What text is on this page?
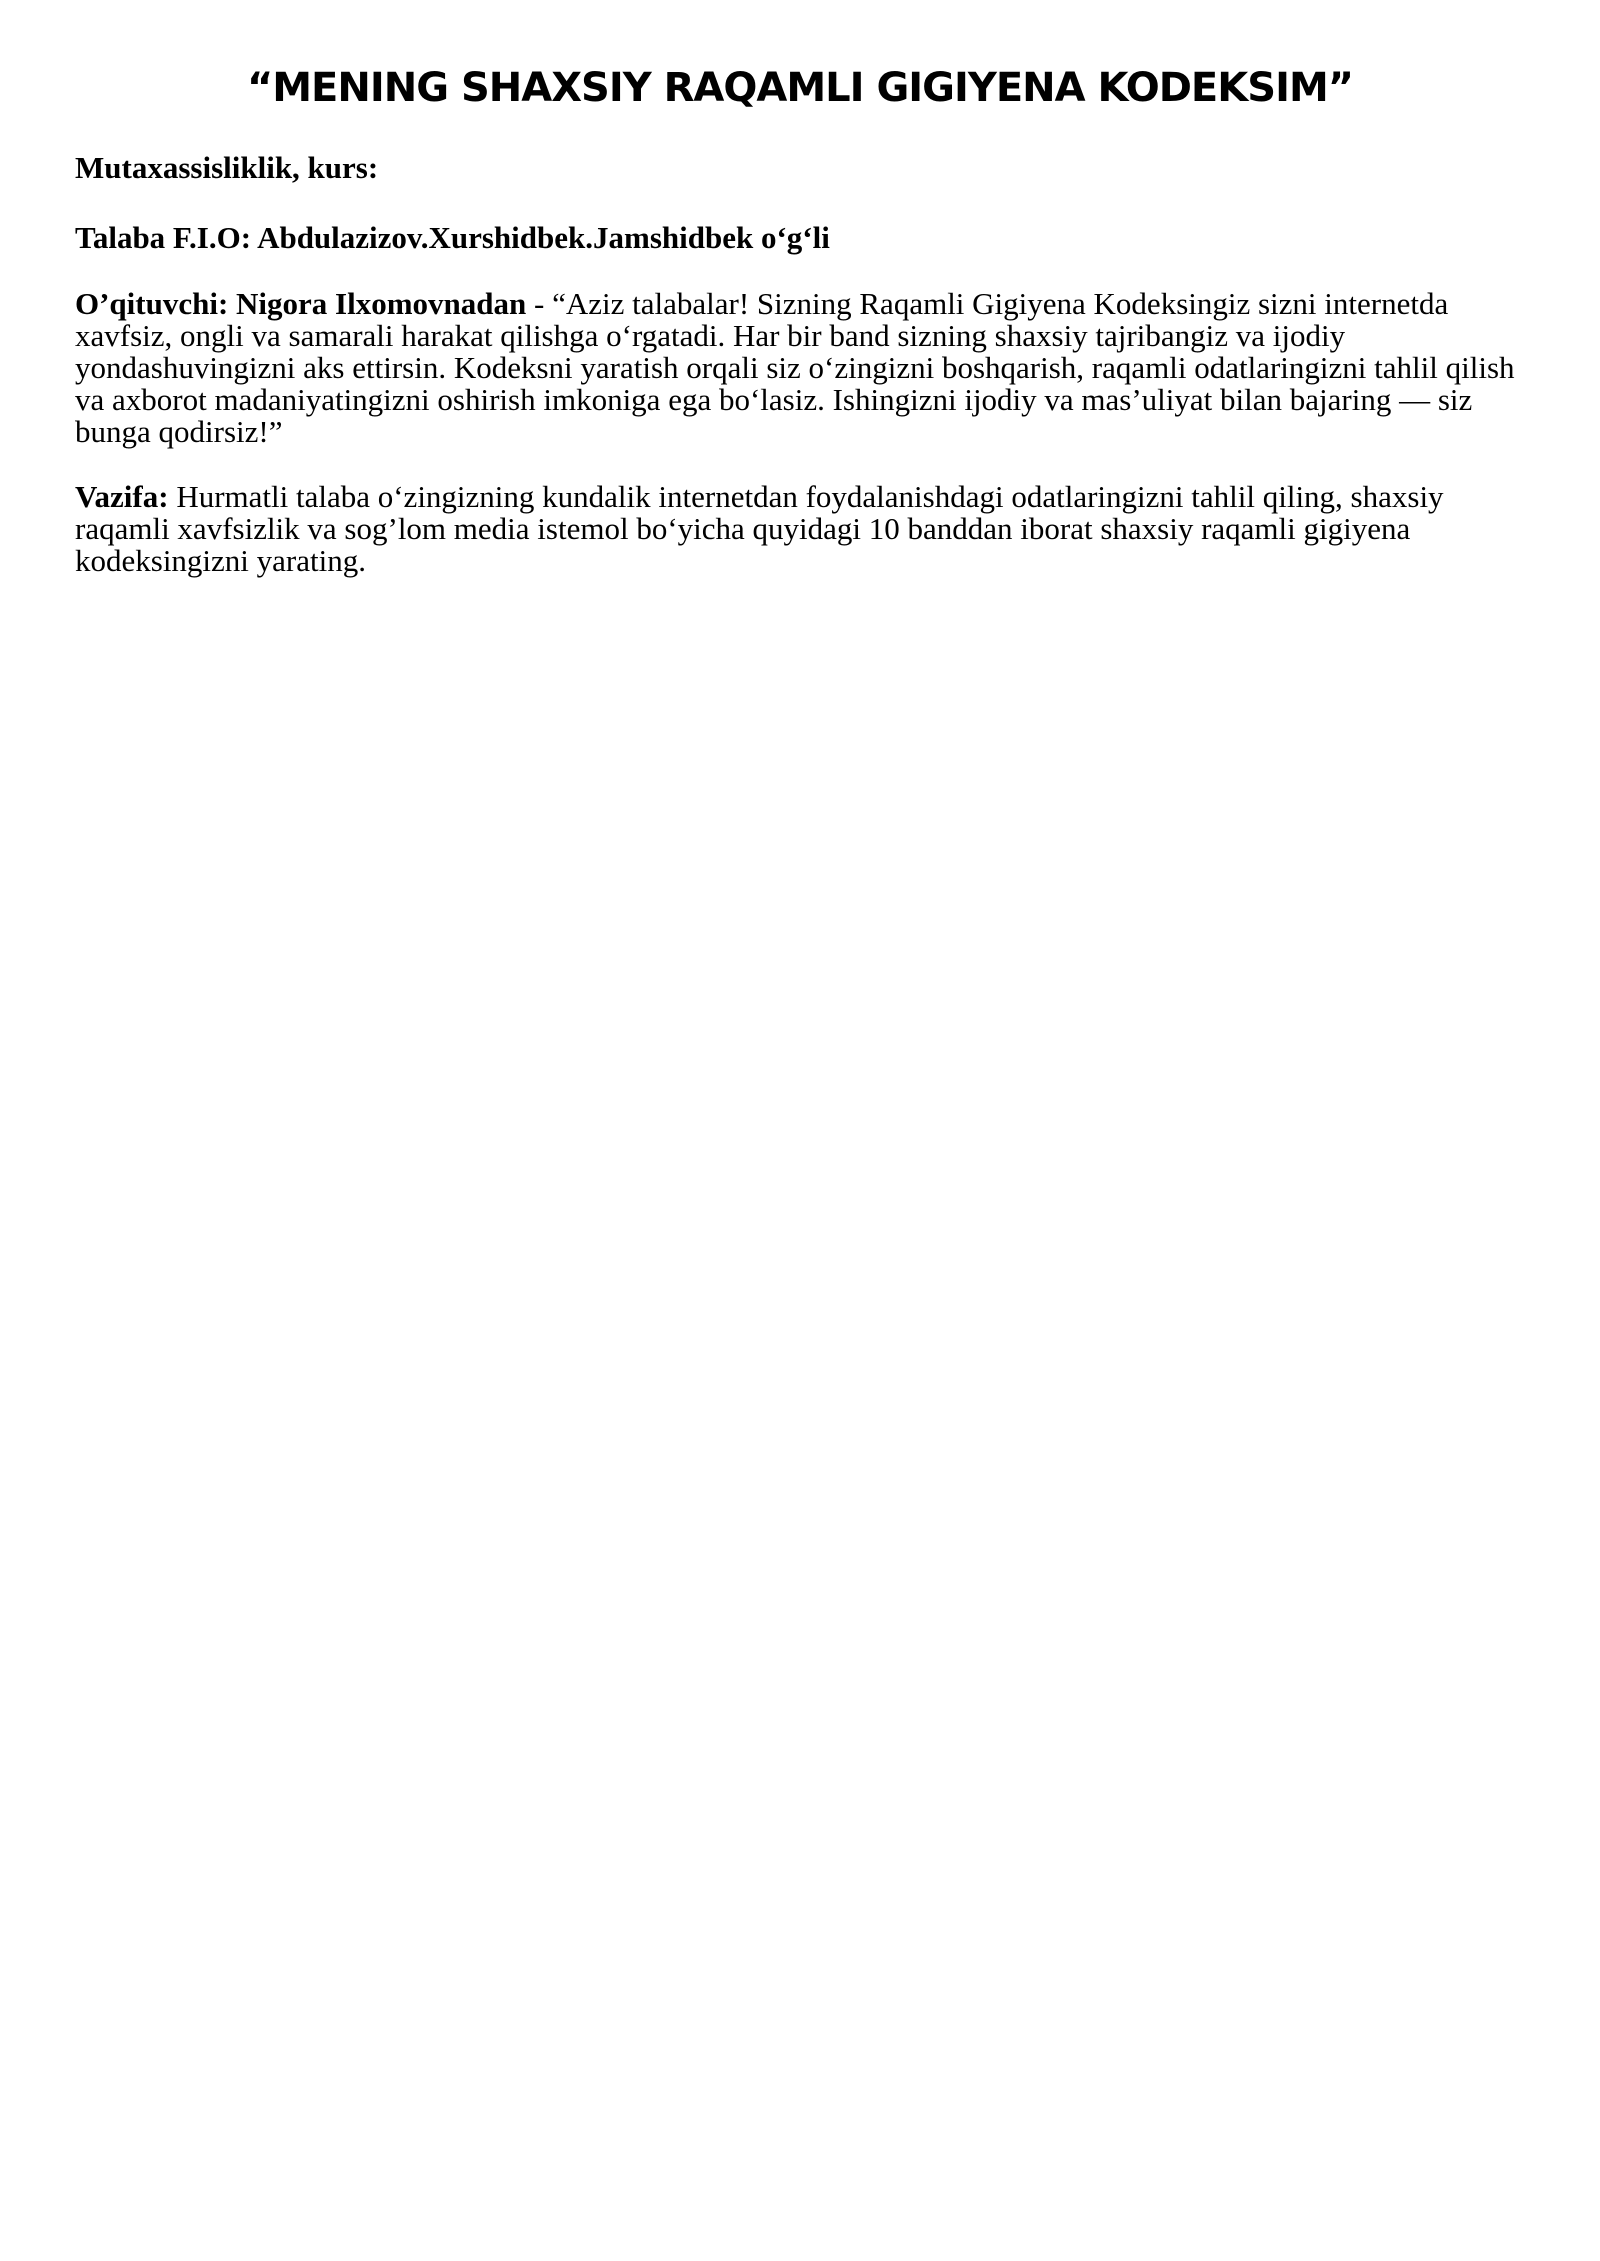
“MENING SHAXSIY RAQAMLI GIGIYENA KODEKSIM”

Mutaxassisliklik, kurs:

Talaba F.I.O: Abdulazizov.Xurshidbek.Jamshidbek o‘g‘li

O’qituvchi: Nigora Ilxomovnadan - “Aziz talabalar! Sizning Raqamli Gigiyena Kodeksingiz sizni internetda xavfsiz, ongli va samarali harakat qilishga o‘rgatadi. Har bir band sizning shaxsiy tajribangiz va ijodiy yondashuvingizni aks ettirsin. Kodeksni yaratish orqali siz o‘zingizni boshqarish, raqamli odatlaringizni tahlil qilish va axborot madaniyatingizni oshirish imkoniga ega bo‘lasiz. Ishingizni ijodiy va mas’uliyat bilan bajaring — siz bunga qodirsiz!”

Vazifa: Hurmatli talaba o‘zingizning kundalik internetdan foydalanishdagi odatlaringizni tahlil qiling, shaxsiy raqamli xavfsizlik va sog’lom media istemol bo‘yicha quyidagi 10 banddan iborat shaxsiy raqamli gigiyena kodeksingizni yarating.
